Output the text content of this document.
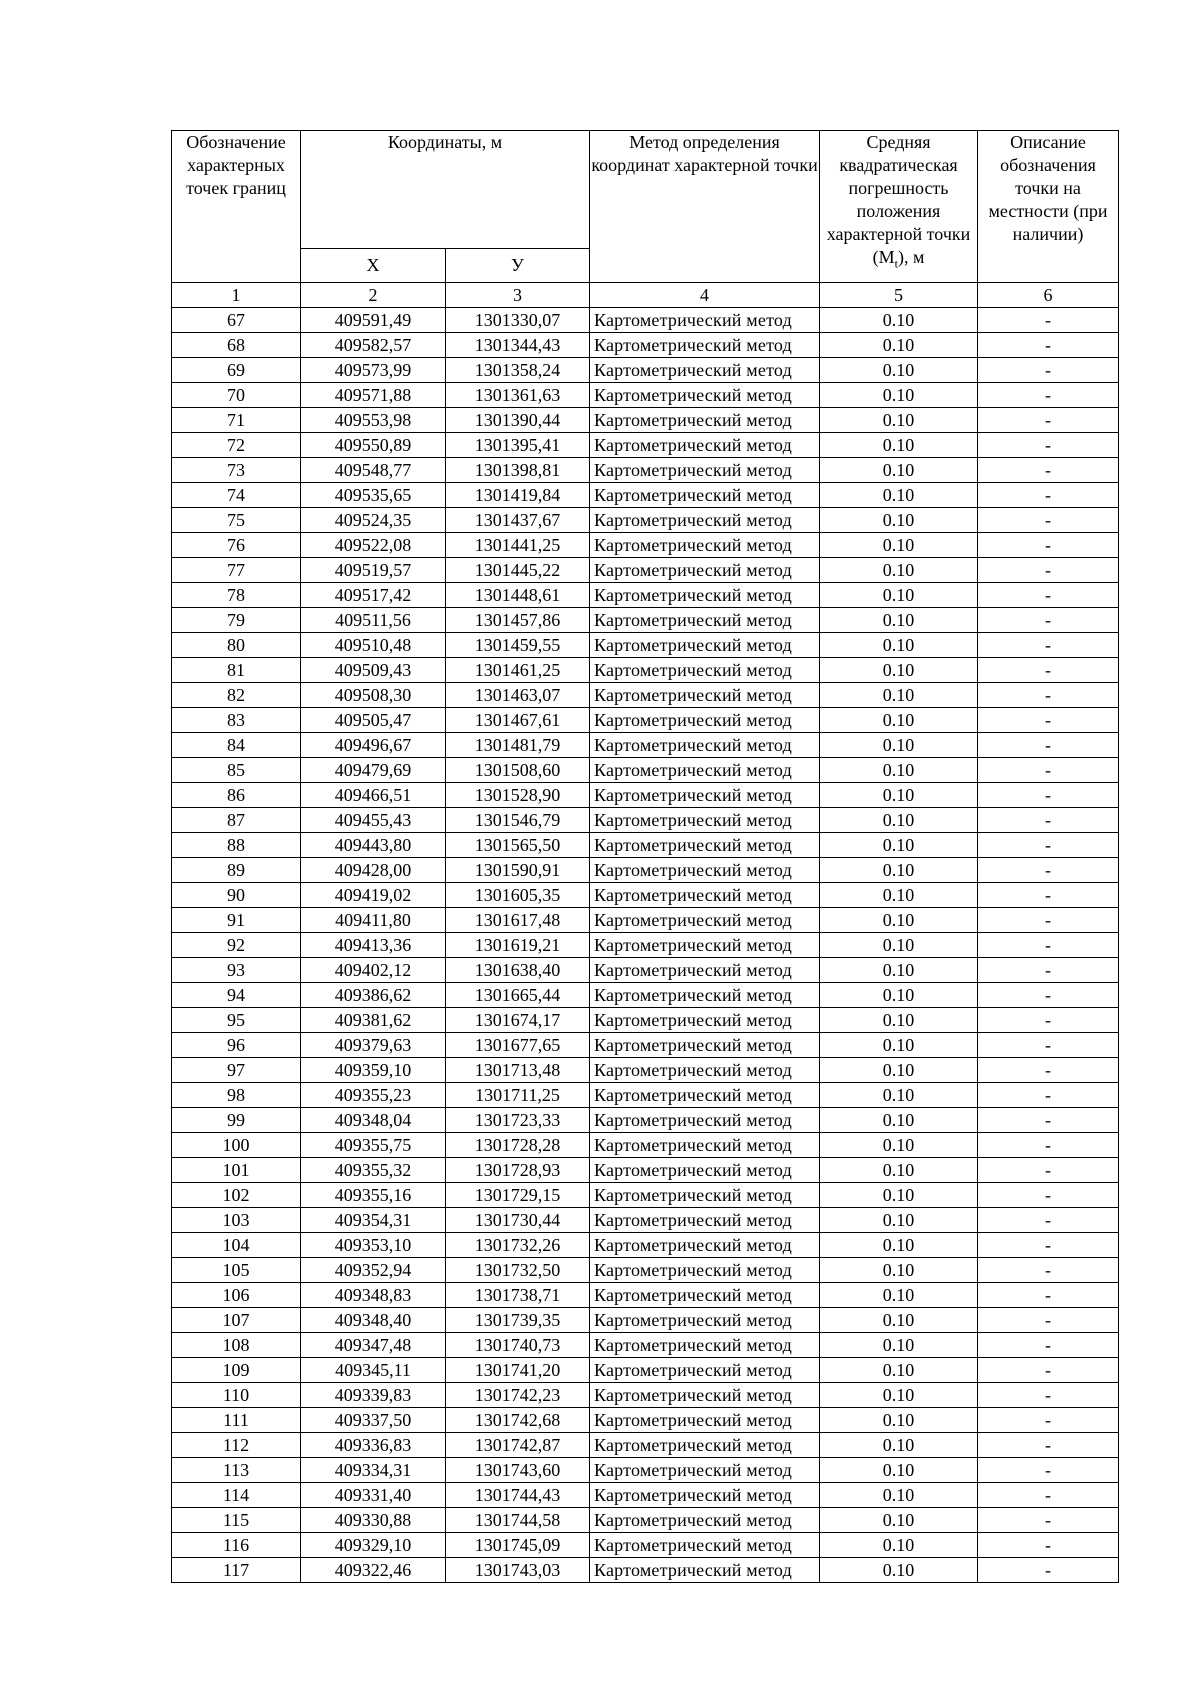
Обозначение характерных точек границ	Координаты, м		Метод определения координат характерной точки	Средняя квадратическая погрешность положения характерной точки $(M_t)$, м	Описание обозначения точки на местности (при наличии)
	X	У			
1	2	3	4	5	6
67	409591,49	1301330,07	Картометрический метод	0.10	-
68	409582,57	1301344,43	Картометрический метод	0.10	-
69	409573,99	1301358,24	Картометрический метод	0.10	-
70	409571,88	1301361,63	Картометрический метод	0.10	-
71	409553,98	1301390,44	Картометрический метод	0.10	-
72	409550,89	1301395,41	Картометрический метод	0.10	-
73	409548,77	1301398,81	Картометрический метод	0.10	-
74	409535,65	1301419,84	Картометрический метод	0.10	-
75	409524,35	1301437,67	Картометрический метод	0.10	-
76	409522,08	1301441,25	Картометрический метод	0.10	-
77	409519,57	1301445,22	Картометрический метод	0.10	-
78	409517,42	1301448,61	Картометрический метод	0.10	-
79	409511,56	1301457,86	Картометрический метод	0.10	-
80	409510,48	1301459,55	Картометрический метод	0.10	-
81	409509,43	1301461,25	Картометрический метод	0.10	-
82	409508,30	1301463,07	Картометрический метод	0.10	-
83	409505,47	1301467,61	Картометрический метод	0.10	-
84	409496,67	1301481,79	Картометрический метод	0.10	-
85	409479,69	1301508,60	Картометрический метод	0.10	-
86	409466,51	1301528,90	Картометрический метод	0.10	-
87	409455,43	1301546,79	Картометрический метод	0.10	-
88	409443,80	1301565,50	Картометрический метод	0.10	-
89	409428,00	1301590,91	Картометрический метод	0.10	-
90	409419,02	1301605,35	Картометрический метод	0.10	-
91	409411,80	1301617,48	Картометрический метод	0.10	-
92	409413,36	1301619,21	Картометрический метод	0.10	-
93	409402,12	1301638,40	Картометрический метод	0.10	-
94	409386,62	1301665,44	Картометрический метод	0.10	-
95	409381,62	1301674,17	Картометрический метод	0.10	-
96	409379,63	1301677,65	Картометрический метод	0.10	-
97	409359,10	1301713,48	Картометрический метод	0.10	-
98	409355,23	1301711,25	Картометрический метод	0.10	-
99	409348,04	1301723,33	Картометрический метод	0.10	-
100	409355,75	1301728,28	Картометрический метод	0.10	-
101	409355,32	1301728,93	Картометрический метод	0.10	-
102	409355,16	1301729,15	Картометрический метод	0.10	-
103	409354,31	1301730,44	Картометрический метод	0.10	-
104	409353,10	1301732,26	Картометрический метод	0.10	-
105	409352,94	1301732,50	Картометрический метод	0.10	-
106	409348,83	1301738,71	Картометрический метод	0.10	-
107	409348,40	1301739,35	Картометрический метод	0.10	-
108	409347,48	1301740,73	Картометрический метод	0.10	-
109	409345,11	1301741,20	Картометрический метод	0.10	-
110	409339,83	1301742,23	Картометрический метод	0.10	-
111	409337,50	1301742,68	Картометрический метод	0.10	-
112	409336,83	1301742,87	Картометрический метод	0.10	-
113	409334,31	1301743,60	Картометрический метод	0.10	-
114	409331,40	1301744,43	Картометрический метод	0.10	-
115	409330,88	1301744,58	Картометрический метод	0.10	-
116	409329,10	1301745,09	Картометрический метод	0.10	-
117	409322,46	1301743,03	Картометрический метод	0.10	-
